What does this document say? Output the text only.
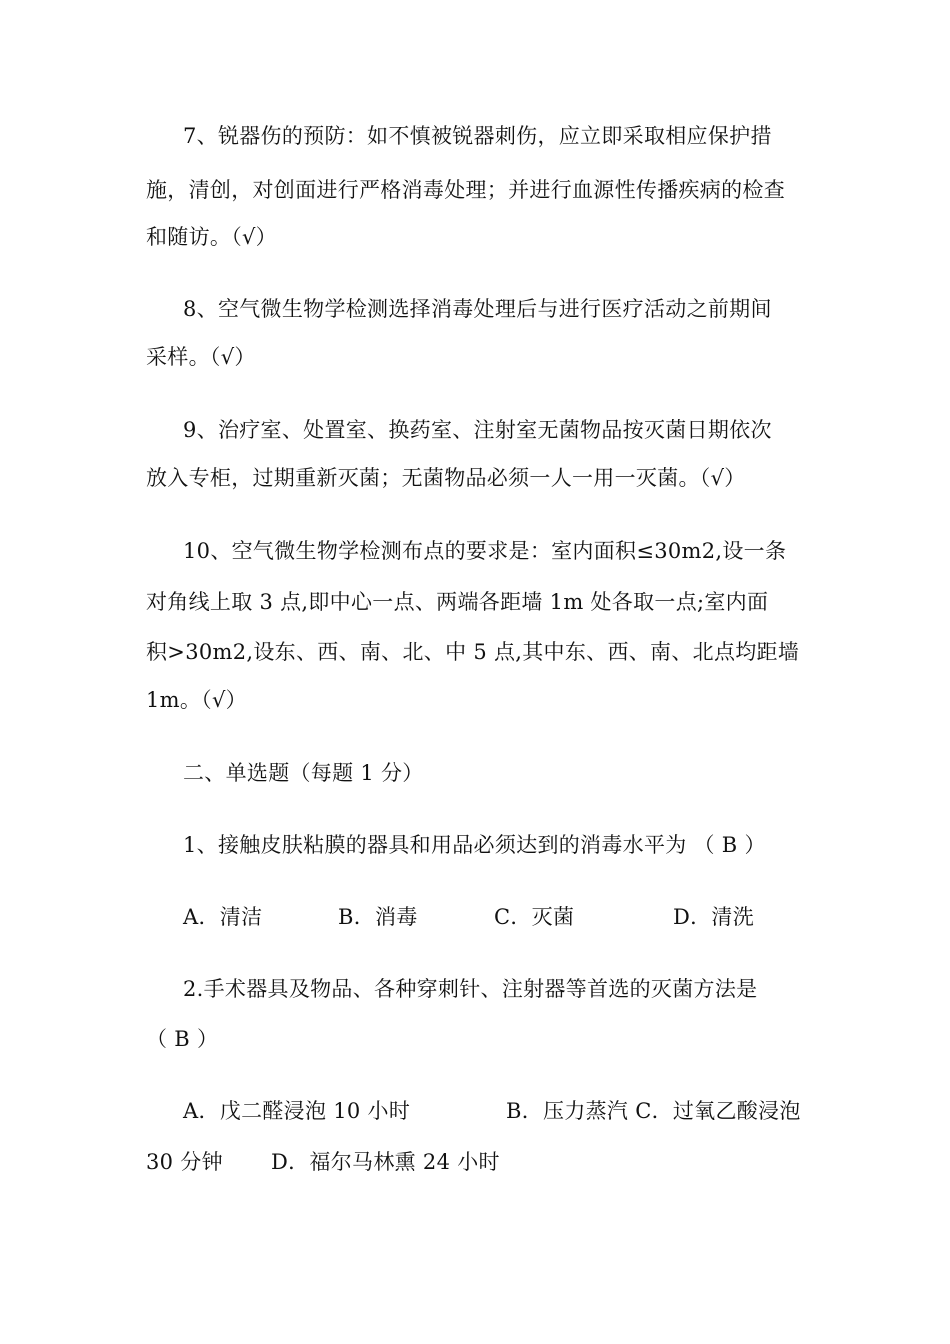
7、锐器伤的预防：如不慎被锐器刺伤，应立即采取相应保护措
施，清创，对创面进行严格消毒处理；并进行血源性传播疾病的检查
和随访。（√）
8、空气微生物学检测选择消毒处理后与进行医疗活动之前期间
采样。（√）
9、治疗室、处置室、换药室、注射室无菌物品按灭菌日期依次
放入专柜，过期重新灭菌；无菌物品必须一人一用一灭菌。（√）
10、空气微生物学检测布点的要求是：室内面积≤30m2,设一条
对角线上取 3 点,即中心一点、两端各距墙 1m 处各取一点;室内面
积>30m2,设东、西、南、北、中 5 点,其中东、西、南、北点均距墙
1m。（√）
二、单选题（每题 1 分）
1、接触皮肤粘膜的器具和用品必须达到的消毒水平为 （ B ）
A．清洁	B．消毒	C．灭菌	D．清洗
2.手术器具及物品、各种穿刺针、注射器等首选的灭菌方法是
（ B ）
A．戊二醛浸泡 10 小时	B．压力蒸汽 C．过氧乙酸浸泡
30 分钟 D．福尔马林熏 24 小时
